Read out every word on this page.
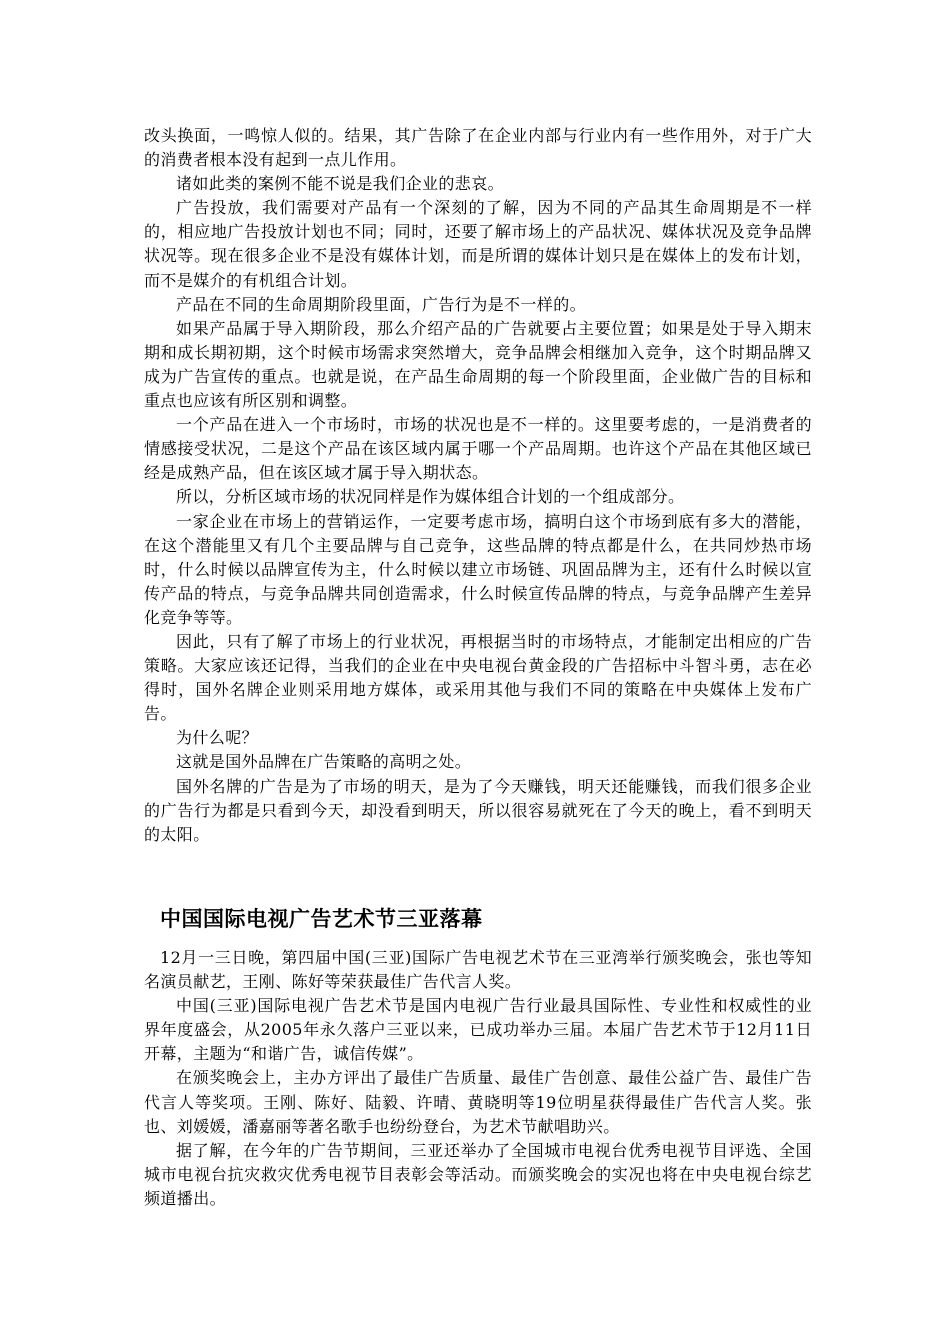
改头换面，一鸣惊人似的。结果，其广告除了在企业内部与行业内有一些作用外，对于广大的消费者根本没有起到一点儿作用。

诸如此类的案例不能不说是我们企业的悲哀。

广告投放，我们需要对产品有一个深刻的了解，因为不同的产品其生命周期是不一样的，相应地广告投放计划也不同；同时，还要了解市场上的产品状况、媒体状况及竞争品牌状况等。现在很多企业不是没有媒体计划，而是所谓的媒体计划只是在媒体上的发布计划，而不是媒介的有机组合计划。

产品在不同的生命周期阶段里面，广告行为是不一样的。

如果产品属于导入期阶段，那么介绍产品的广告就要占主要位置；如果是处于导入期末期和成长期初期，这个时候市场需求突然增大，竞争品牌会相继加入竞争，这个时期品牌又成为广告宣传的重点。也就是说，在产品生命周期的每一个阶段里面，企业做广告的目标和重点也应该有所区别和调整。

一个产品在进入一个市场时，市场的状况也是不一样的。这里要考虑的，一是消费者的情感接受状况，二是这个产品在该区域内属于哪一个产品周期。也许这个产品在其他区域已经是成熟产品，但在该区域才属于导入期状态。

所以，分析区域市场的状况同样是作为媒体组合计划的一个组成部分。

一家企业在市场上的营销运作，一定要考虑市场，搞明白这个市场到底有多大的潜能，在这个潜能里又有几个主要品牌与自己竞争，这些品牌的特点都是什么，在共同炒热市场时，什么时候以品牌宣传为主，什么时候以建立市场链、巩固品牌为主，还有什么时候以宣传产品的特点，与竞争品牌共同创造需求，什么时候宣传品牌的特点，与竞争品牌产生差异化竞争等等。

因此，只有了解了市场上的行业状况，再根据当时的市场特点，才能制定出相应的广告策略。大家应该还记得，当我们的企业在中央电视台黄金段的广告招标中斗智斗勇，志在必得时，国外名牌企业则采用地方媒体，或采用其他与我们不同的策略在中央媒体上发布广告。

为什么呢？

这就是国外品牌在广告策略的高明之处。

国外名牌的广告是为了市场的明天，是为了今天赚钱，明天还能赚钱，而我们很多企业的广告行为都是只看到今天，却没看到明天，所以很容易就死在了今天的晚上，看不到明天的太阳。

中国国际电视广告艺术节三亚落幕

12月一三日晚，第四届中国(三亚)国际广告电视艺术节在三亚湾举行颁奖晚会，张也等知名演员献艺，王刚、陈好等荣获最佳广告代言人奖。

中国(三亚)国际电视广告艺术节是国内电视广告行业最具国际性、专业性和权威性的业界年度盛会，从2005年永久落户三亚以来，已成功举办三届。本届广告艺术节于12月11日开幕，主题为“和谐广告，诚信传媒”。

在颁奖晚会上，主办方评出了最佳广告质量、最佳广告创意、最佳公益广告、最佳广告代言人等奖项。王刚、陈好、陆毅、许晴、黄晓明等19位明星获得最佳广告代言人奖。张也、刘媛媛，潘嘉丽等著名歌手也纷纷登台，为艺术节献唱助兴。

据了解，在今年的广告节期间，三亚还举办了全国城市电视台优秀电视节目评选、全国城市电视台抗灾救灾优秀电视节目表彰会等活动。而颁奖晚会的实况也将在中央电视台综艺频道播出。
